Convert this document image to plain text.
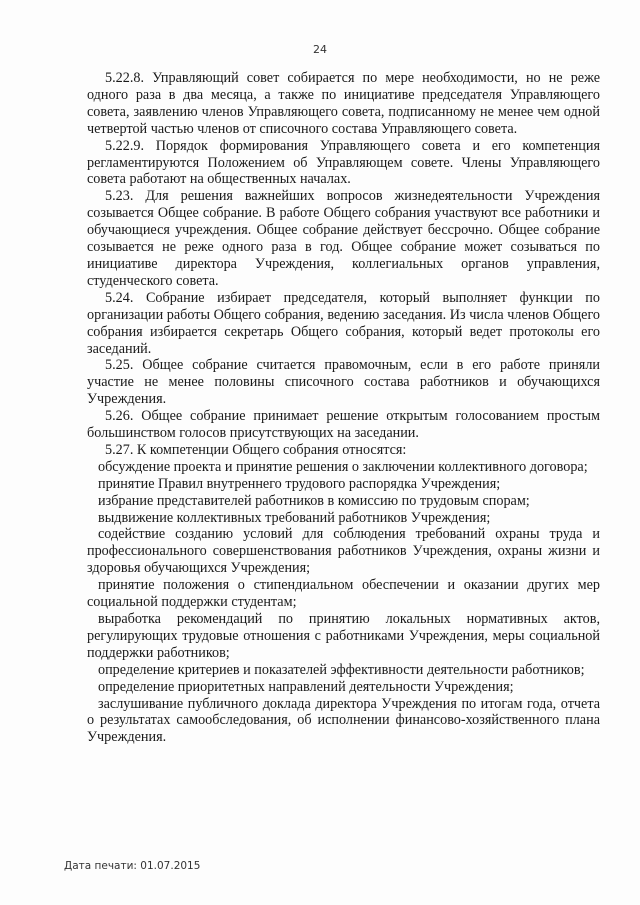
24

5.22.8. Управляющий совет собирается по мере необходимости, но не реже одного раза в два месяца, а также по инициативе председателя Управляющего совета, заявлению членов Управляющего совета, подписанному не менее чем одной четвертой частью членов от списочного состава Управляющего совета.

5.22.9. Порядок формирования Управляющего совета и его компетенция регламентируются Положением об Управляющем совете. Члены Управляющего совета работают на общественных началах.

5.23. Для решения важнейших вопросов жизнедеятельности Учреждения созывается Общее собрание. В работе Общего собрания участвуют все работники и обучающиеся учреждения. Общее собрание действует бессрочно. Общее собрание созывается не реже одного раза в год. Общее собрание может созываться по инициативе директора Учреждения, коллегиальных органов управления, студенческого совета.

5.24. Собрание избирает председателя, который выполняет функции по организации работы Общего собрания, ведению заседания. Из числа членов Общего собрания избирается секретарь Общего собрания, который ведет протоколы его заседаний.

5.25. Общее собрание считается правомочным, если в его работе приняли участие не менее половины списочного состава работников и обучающихся Учреждения.

5.26. Общее собрание принимает решение открытым голосованием простым большинством голосов присутствующих на заседании.

5.27. К компетенции Общего собрания относятся:

обсуждение проекта и принятие решения о заключении коллективного договора;

принятие Правил внутреннего трудового распорядка Учреждения;

избрание представителей работников в комиссию по трудовым спорам;

выдвижение коллективных требований работников Учреждения;

содействие созданию условий для соблюдения требований охраны труда и профессионального совершенствования работников Учреждения, охраны жизни и здоровья обучающихся Учреждения;

принятие положения о стипендиальном обеспечении и оказании других мер социальной поддержки студентам;

выработка рекомендаций по принятию локальных нормативных актов, регулирующих трудовые отношения с работниками Учреждения, меры социальной поддержки работников;

определение критериев и показателей эффективности деятельности работников;

определение приоритетных направлений деятельности Учреждения;

заслушивание публичного доклада директора Учреждения по итогам года, отчета о результатах самообследования, об исполнении финансово-хозяйственного плана Учреждения.

Дата печати: 01.07.2015
